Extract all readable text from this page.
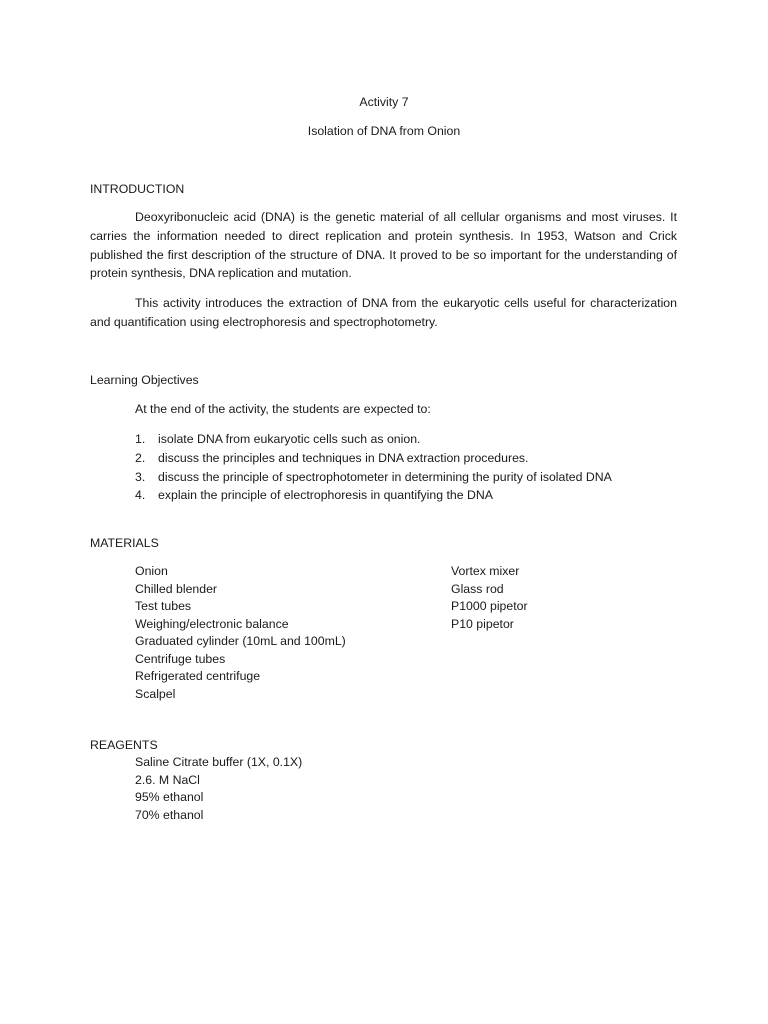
Activity 7
Isolation of DNA from Onion
INTRODUCTION

Deoxyribonucleic acid (DNA) is the genetic material of all cellular organisms and most viruses. It carries the information needed to direct replication and protein synthesis. In 1953, Watson and Crick published the first description of the structure of DNA. It proved to be so important for the understanding of protein synthesis, DNA replication and mutation.

This activity introduces the extraction of DNA from the eukaryotic cells useful for characterization and quantification using electrophoresis and spectrophotometry.

Learning Objectives
At the end of the activity, the students are expected to:
1. isolate DNA from eukaryotic cells such as onion.
2. discuss the principles and techniques in DNA extraction procedures.
3. discuss the principle of spectrophotometer in determining the purity of isolated DNA
4. explain the principle of electrophoresis in quantifying the DNA
MATERIALS
Onion
Chilled blender
Test tubes
Weighing/electronic balance
Graduated cylinder (10mL and 100mL)
Centrifuge tubes
Refrigerated centrifuge
Scalpel
Vortex mixer
Glass rod
P1000 pipetor
P10 pipetor
REAGENTS
Saline Citrate buffer (1X, 0.1X)
2.6. M NaCl
95% ethanol
70% ethanol
